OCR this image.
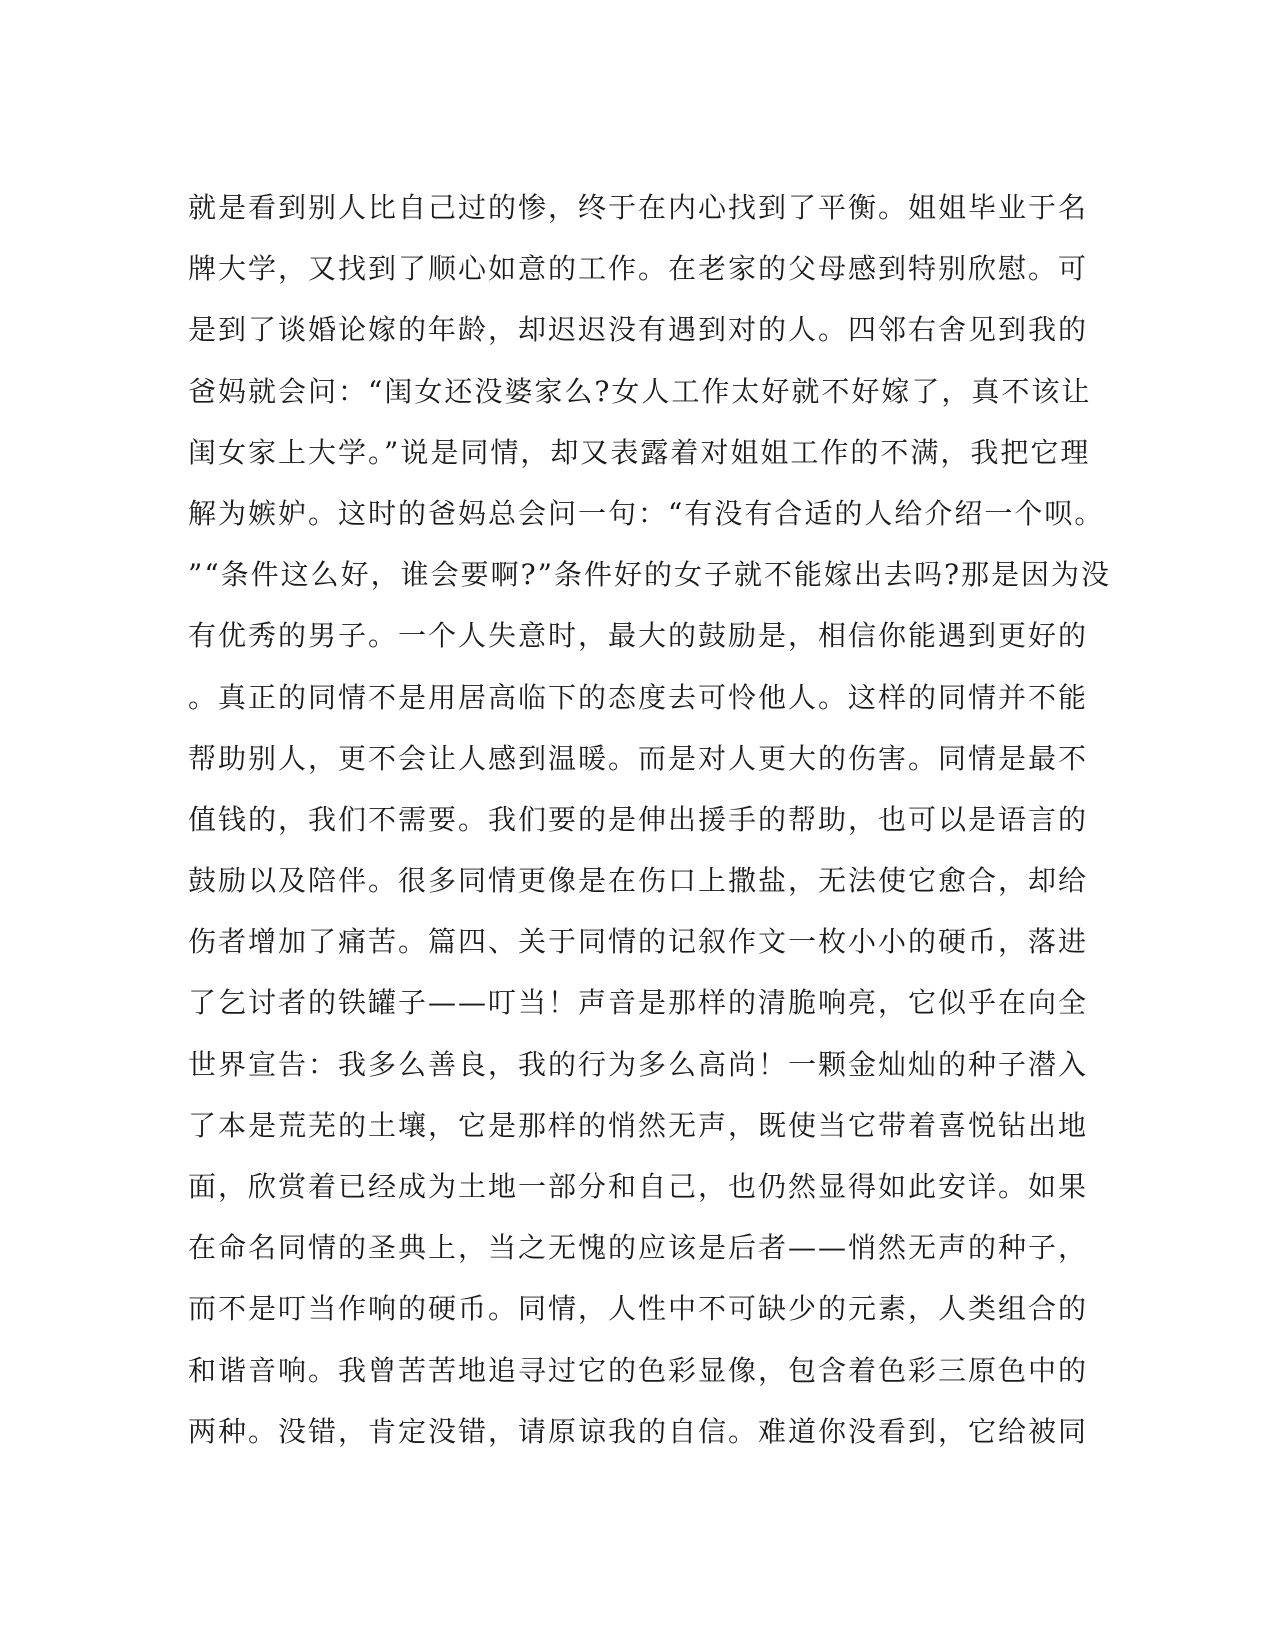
就是看到别人比自己过的惨，终于在内心找到了平衡。姐姐毕业于名
牌大学，又找到了顺心如意的工作。在老家的父母感到特别欣慰。可
是到了谈婚论嫁的年龄，却迟迟没有遇到对的人。四邻右舍见到我的
爸妈就会问：“闺女还没婆家么?女人工作太好就不好嫁了，真不该让
闺女家上大学。”说是同情，却又表露着对姐姐工作的不满，我把它理
解为嫉妒。这时的爸妈总会问一句：“有没有合适的人给介绍一个呗。
”“条件这么好，谁会要啊?”条件好的女子就不能嫁出去吗?那是因为没
有优秀的男子。一个人失意时，最大的鼓励是，相信你能遇到更好的
。真正的同情不是用居高临下的态度去可怜他人。这样的同情并不能
帮助别人，更不会让人感到温暖。而是对人更大的伤害。同情是最不
值钱的，我们不需要。我们要的是伸出援手的帮助，也可以是语言的
鼓励以及陪伴。很多同情更像是在伤口上撒盐，无法使它愈合，却给
伤者增加了痛苦。篇四、关于同情的记叙作文一枚小小的硬币，落进
了乞讨者的铁罐子——叮当！声音是那样的清脆响亮，它似乎在向全
世界宣告：我多么善良，我的行为多么高尚！一颗金灿灿的种子潜入
了本是荒芜的土壤，它是那样的悄然无声，既使当它带着喜悦钻出地
面，欣赏着已经成为土地一部分和自己，也仍然显得如此安详。如果
在命名同情的圣典上，当之无愧的应该是后者——悄然无声的种子，
而不是叮当作响的硬币。同情，人性中不可缺少的元素，人类组合的
和谐音响。我曾苦苦地追寻过它的色彩显像，包含着色彩三原色中的
两种。没错，肯定没错，请原谅我的自信。难道你没看到，它给被同
